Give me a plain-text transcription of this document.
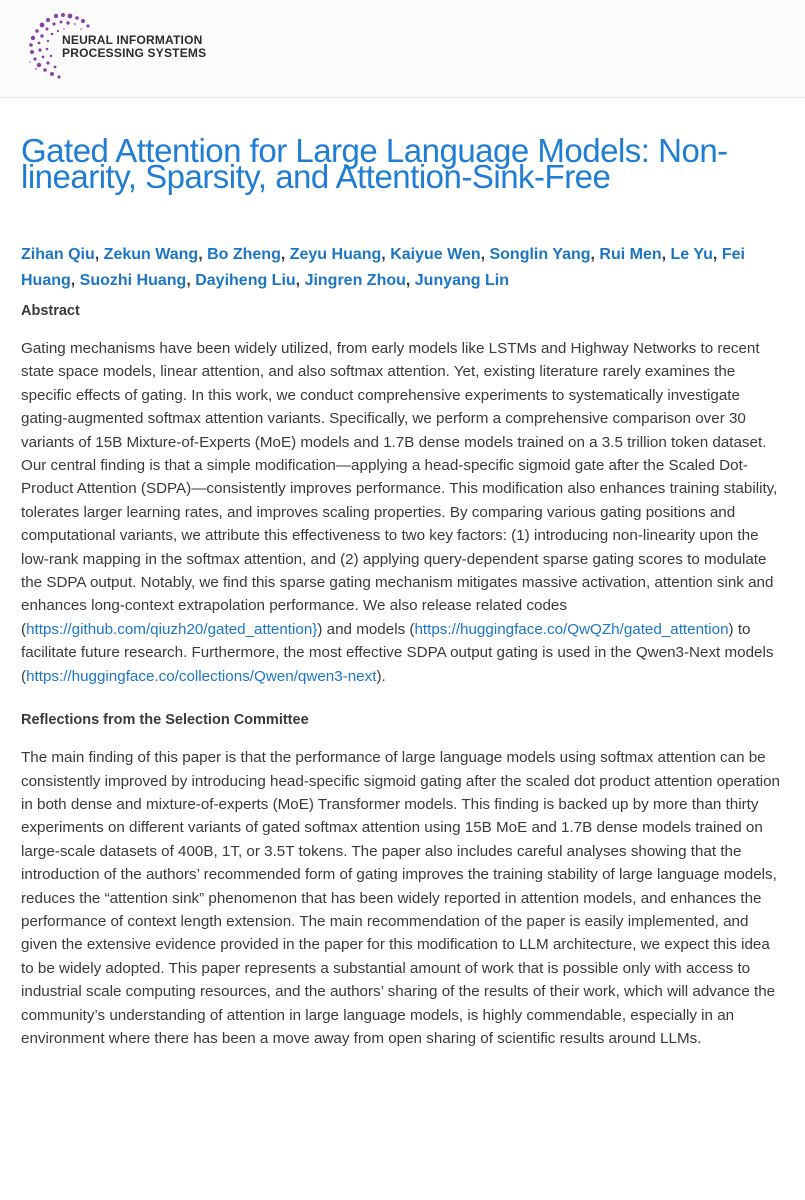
NEURAL INFORMATION
PROCESSING SYSTEMS
Gated Attention for Large Language Models: Non-linearity, Sparsity, and Attention-Sink-Free
Zihan Qiu, Zekun Wang, Bo Zheng, Zeyu Huang, Kaiyue Wen, Songlin Yang, Rui Men, Le Yu, Fei Huang, Suozhi Huang, Dayiheng Liu, Jingren Zhou, Junyang Lin
Abstract

Gating mechanisms have been widely utilized, from early models like LSTMs and Highway Networks to recent state space models, linear attention, and also softmax attention. Yet, existing literature rarely examines the specific effects of gating. In this work, we conduct comprehensive experiments to systematically investigate gating-augmented softmax attention variants. Specifically, we perform a comprehensive comparison over 30 variants of 15B Mixture-of-Experts (MoE) models and 1.7B dense models trained on a 3.5 trillion token dataset. Our central finding is that a simple modification—applying a head-specific sigmoid gate after the Scaled Dot-Product Attention (SDPA)—consistently improves performance. This modification also enhances training stability, tolerates larger learning rates, and improves scaling properties. By comparing various gating positions and computational variants, we attribute this effectiveness to two key factors: (1) introducing non-linearity upon the low-rank mapping in the softmax attention, and (2) applying query-dependent sparse gating scores to modulate the SDPA output. Notably, we find this sparse gating mechanism mitigates massive activation, attention sink and enhances long-context extrapolation performance. We also release related codes (https://github.com/qiuzh20/gated_attention}) and models (https://huggingface.co/QwQZh/gated_attention) to facilitate future research. Furthermore, the most effective SDPA output gating is used in the Qwen3-Next models (https://huggingface.co/collections/Qwen/qwen3-next).

Reflections from the Selection Committee

The main finding of this paper is that the performance of large language models using softmax attention can be consistently improved by introducing head-specific sigmoid gating after the scaled dot product attention operation in both dense and mixture-of-experts (MoE) Transformer models. This finding is backed up by more than thirty experiments on different variants of gated softmax attention using 15B MoE and 1.7B dense models trained on large-scale datasets of 400B, 1T, or 3.5T tokens. The paper also includes careful analyses showing that the introduction of the authors’ recommended form of gating improves the training stability of large language models, reduces the “attention sink” phenomenon that has been widely reported in attention models, and enhances the performance of context length extension. The main recommendation of the paper is easily implemented, and given the extensive evidence provided in the paper for this modification to LLM architecture, we expect this idea to be widely adopted. This paper represents a substantial amount of work that is possible only with access to industrial scale computing resources, and the authors’ sharing of the results of their work, which will advance the community’s understanding of attention in large language models, is highly commendable, especially in an environment where there has been a move away from open sharing of scientific results around LLMs.
